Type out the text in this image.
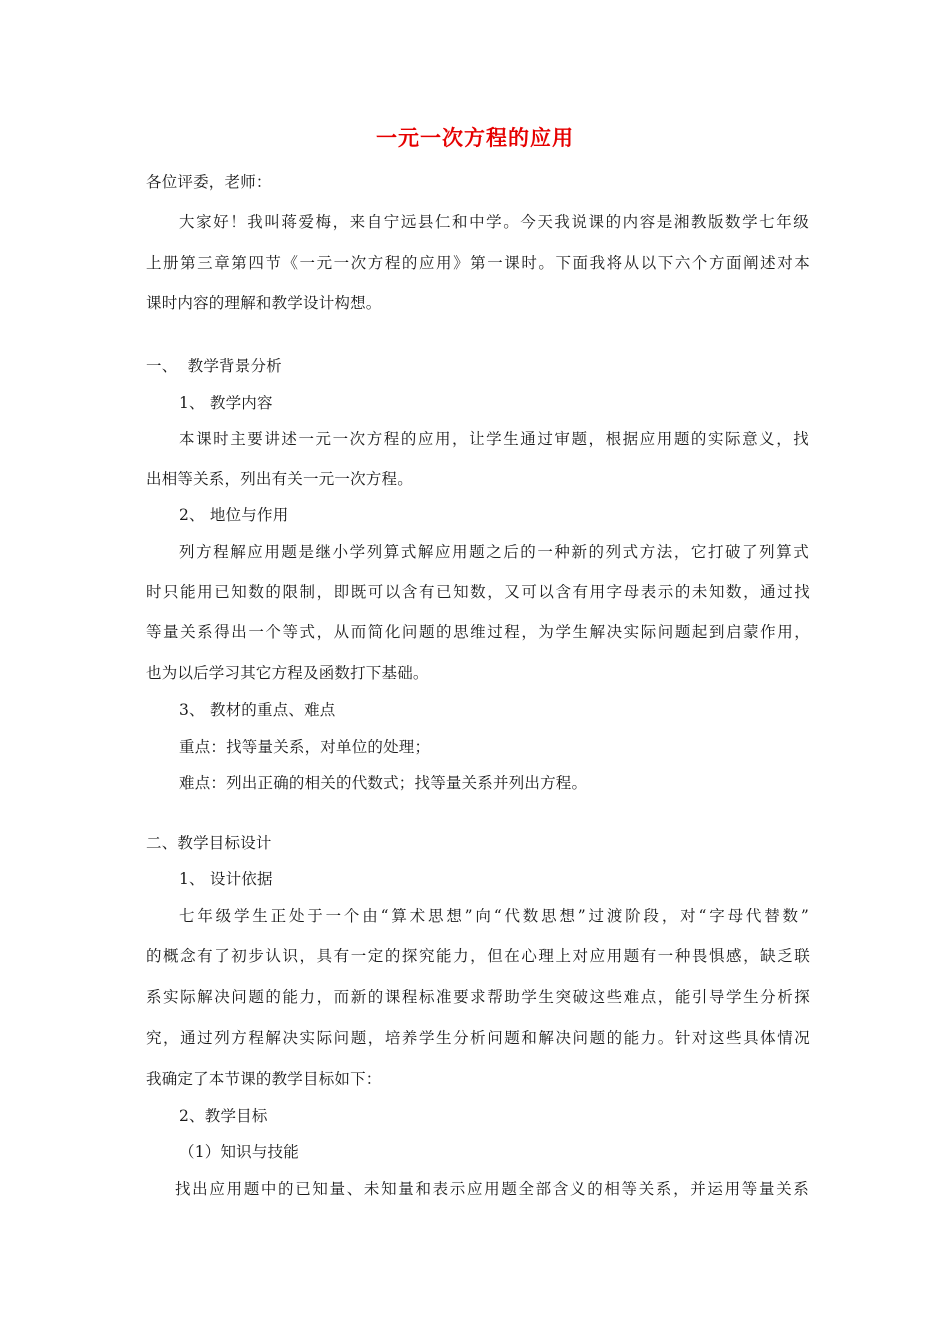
一元一次方程的应用
各位评委，老师：
大家好！我叫蒋爱梅，来自宁远县仁和中学。今天我说课的内容是湘教版数学七年级
上册第三章第四节《一元一次方程的应用》第一课时。下面我将从以下六个方面阐述对本
课时内容的理解和教学设计构想。
一、  教学背景分析
1、 教学内容
本课时主要讲述一元一次方程的应用，让学生通过审题，根据应用题的实际意义，找
出相等关系，列出有关一元一次方程。
2、 地位与作用
列方程解应用题是继小学列算式解应用题之后的一种新的列式方法，它打破了列算式
时只能用已知数的限制，即既可以含有已知数，又可以含有用字母表示的未知数，通过找
等量关系得出一个等式，从而简化问题的思维过程，为学生解决实际问题起到启蒙作用，
也为以后学习其它方程及函数打下基础。
3、 教材的重点、难点
重点：找等量关系，对单位的处理；
难点：列出正确的相关的代数式；找等量关系并列出方程。
二、教学目标设计
1、 设计依据
七年级学生正处于一个由“算术思想”向“代数思想”过渡阶段，对“字母代替数”
的概念有了初步认识，具有一定的探究能力，但在心理上对应用题有一种畏惧感，缺乏联
系实际解决问题的能力，而新的课程标准要求帮助学生突破这些难点，能引导学生分析探
究，通过列方程解决实际问题，培养学生分析问题和解决问题的能力。针对这些具体情况
我确定了本节课的教学目标如下：
2、教学目标
（1）知识与技能
找出应用题中的已知量、未知量和表示应用题全部含义的相等关系，并运用等量关系
